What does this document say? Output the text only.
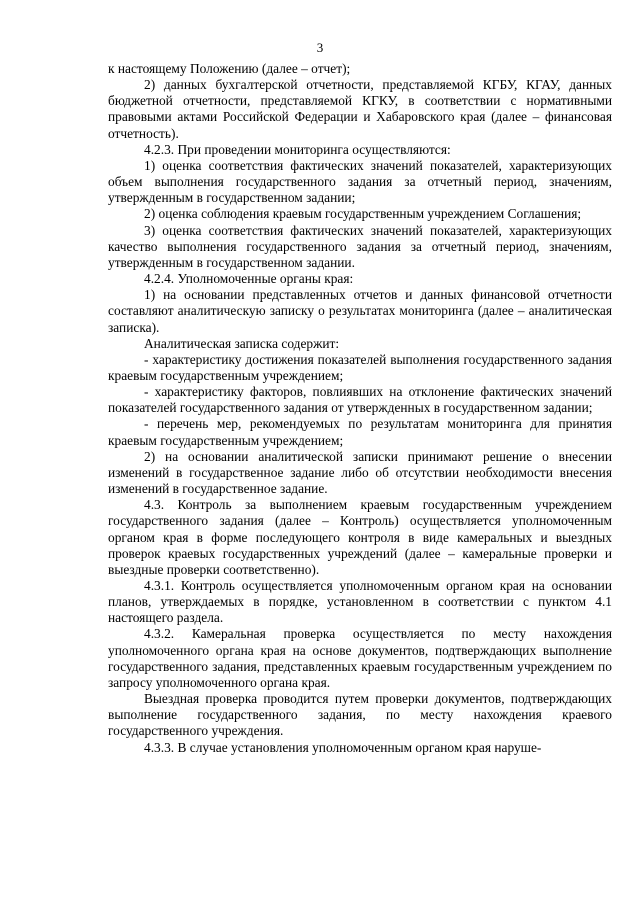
3

к настоящему Положению (далее – отчет);

2) данных бухгалтерской отчетности, представляемой КГБУ, КГАУ, данных бюджетной отчетности, представляемой КГКУ, в соответствии с нормативными правовыми актами Российской Федерации и Хабаровского края (далее – финансовая отчетность).

4.2.3. При проведении мониторинга осуществляются:

1) оценка соответствия фактических значений показателей, характеризующих объем выполнения государственного задания за отчетный период, значениям, утвержденным в государственном задании;

2) оценка соблюдения краевым государственным учреждением Соглашения;

3) оценка соответствия фактических значений показателей, характеризующих качество выполнения государственного задания за отчетный период, значениям, утвержденным в государственном задании.

4.2.4. Уполномоченные органы края:

1) на основании представленных отчетов и данных финансовой отчетности составляют аналитическую записку о результатах мониторинга (далее – аналитическая записка).

Аналитическая записка содержит:

- характеристику достижения показателей выполнения государственного задания краевым государственным учреждением;

- характеристику факторов, повлиявших на отклонение фактических значений показателей государственного задания от утвержденных в государственном задании;

- перечень мер, рекомендуемых по результатам мониторинга для принятия краевым государственным учреждением;

2) на основании аналитической записки принимают решение о внесении изменений в государственное задание либо об отсутствии необходимости внесения изменений в государственное задание.

4.3. Контроль за выполнением краевым государственным учреждением государственного задания (далее – Контроль) осуществляется уполномоченным органом края в форме последующего контроля в виде камеральных и выездных проверок краевых государственных учреждений (далее – камеральные проверки и выездные проверки соответственно).

4.3.1. Контроль осуществляется уполномоченным органом края на основании планов, утверждаемых в порядке, установленном в соответствии с пунктом 4.1 настоящего раздела.

4.3.2. Камеральная проверка осуществляется по месту нахождения уполномоченного органа края на основе документов, подтверждающих выполнение государственного задания, представленных краевым государственным учреждением по запросу уполномоченного органа края.

Выездная проверка проводится путем проверки документов, подтверждающих выполнение государственного задания, по месту нахождения краевого государственного учреждения.

4.3.3. В случае установления уполномоченным органом края наруше-
